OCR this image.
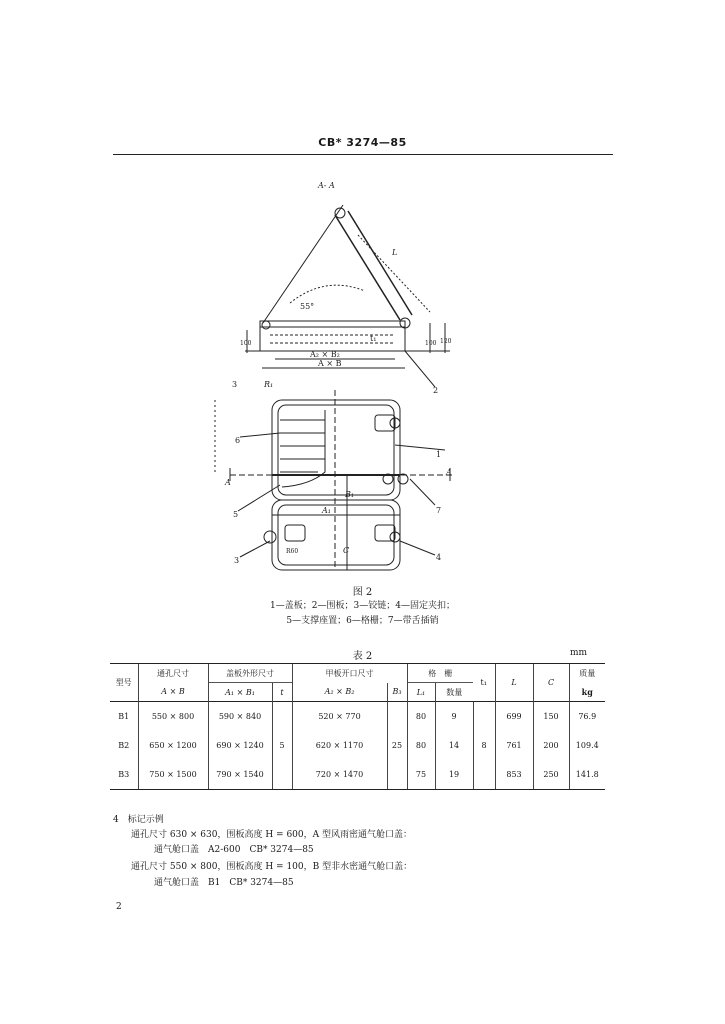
CB* 3274—85
A- A
55°
L
t₁
A₂ × B₂
A × B
100	100 120
3	R₁
6
1
A
A
B₁
7
5	A₁
C
R60
3	4
2
图 2
1—盖板；2—围板；3—铰链；4—固定夹扣；
5—支撑座置；6—格栅；7—带舌插销
表 2	mm
型号	通孔尺寸	盖板外形尺寸		甲板开口尺寸		格　栅		t₁	L	C	质量
	A × B	A₁ × B₁	t	A₂ × B₂	B₃	L₁	数量				kg
B1	550 × 800	590 × 840		520 × 770		80	9		699	150	76.9
B2	650 × 1200	690 × 1240	5	620 × 1170	25	80	14	8	761	200	109.4
B3	750 × 1500	790 × 1540		720 × 1470		75	19		853	250	141.8
4　标记示例
通孔尺寸 630 × 630，围板高度 H = 600，A 型风雨密通气舱口盖：
通气舱口盖　A2-600　CB* 3274—85
通孔尺寸 550 × 800，围板高度 H = 100，B 型非水密通气舱口盖：
通气舱口盖　B1　CB* 3274—85
2
